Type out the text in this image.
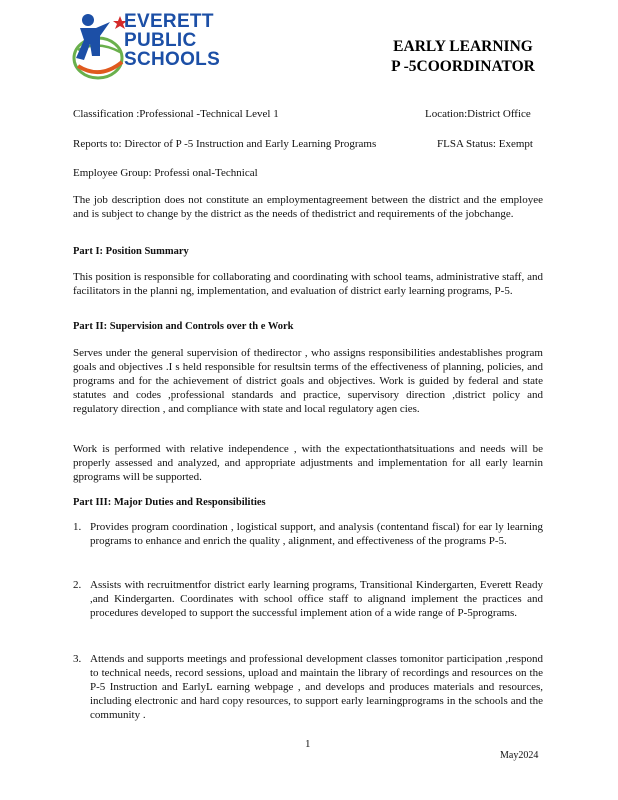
EVERETT
PUBLIC
SCHOOLS
EARLY LEARNING
P -5COORDINATOR
Classification :Professional -Technical Level 1	Location:District Office
Reports to: Director of P -5 Instruction and Early Learning Programs	FLSA Status: Exempt
Employee Group: Professi onal-Technical
The job description does not constitute an employmentagreement between the district and the employee and is subject to change by the district as the needs of thedistrict and requirements of the jobchange.
Part I: Position Summary
This position is responsible for collaborating and coordinating with school teams, administrative staff, and facilitators in the planni ng, implementation, and evaluation of district early learning programs, P-5.
Part II: Supervision and Controls over th e Work
Serves under the general supervision of thedirector , who assigns responsibilities andestablishes program goals and objectives .I s held responsible for resultsin terms of the effectiveness of planning, policies, and programs and for the achievement of district goals and objectives. Work is guided by federal and state statutes and codes ,professional standards and practice, supervisory direction ,district policy and regulatory direction , and compliance with state and local regulatory agen cies.
Work is performed with relative independence , with the expectationthatsituations and needs will be properly assessed and analyzed, and appropriate adjustments and implementation for all early learnin gprograms will be supported.
Part III: Major Duties and Responsibilities
1. Provides program coordination , logistical support, and analysis (contentand fiscal) for ear ly learning programs to enhance and enrich the quality , alignment, and effectiveness of the programs P-5.
2. Assists with recruitmentfor district early learning programs, Transitional Kindergarten, Everett Ready ,and Kindergarten. Coordinates with school office staff to alignand implement the practices and procedures developed to support the successful implement ation of a wide range of P-5programs.
3. Attends and supports meetings and professional development classes tomonitor participation ,respond to technical needs, record sessions, upload and maintain the library of recordings and resources on the P-5 Instruction and EarlyL earning webpage , and develops and produces materials and resources, including electronic and hard copy resources, to support early learningprograms in the schools and the community .
1
May2024
